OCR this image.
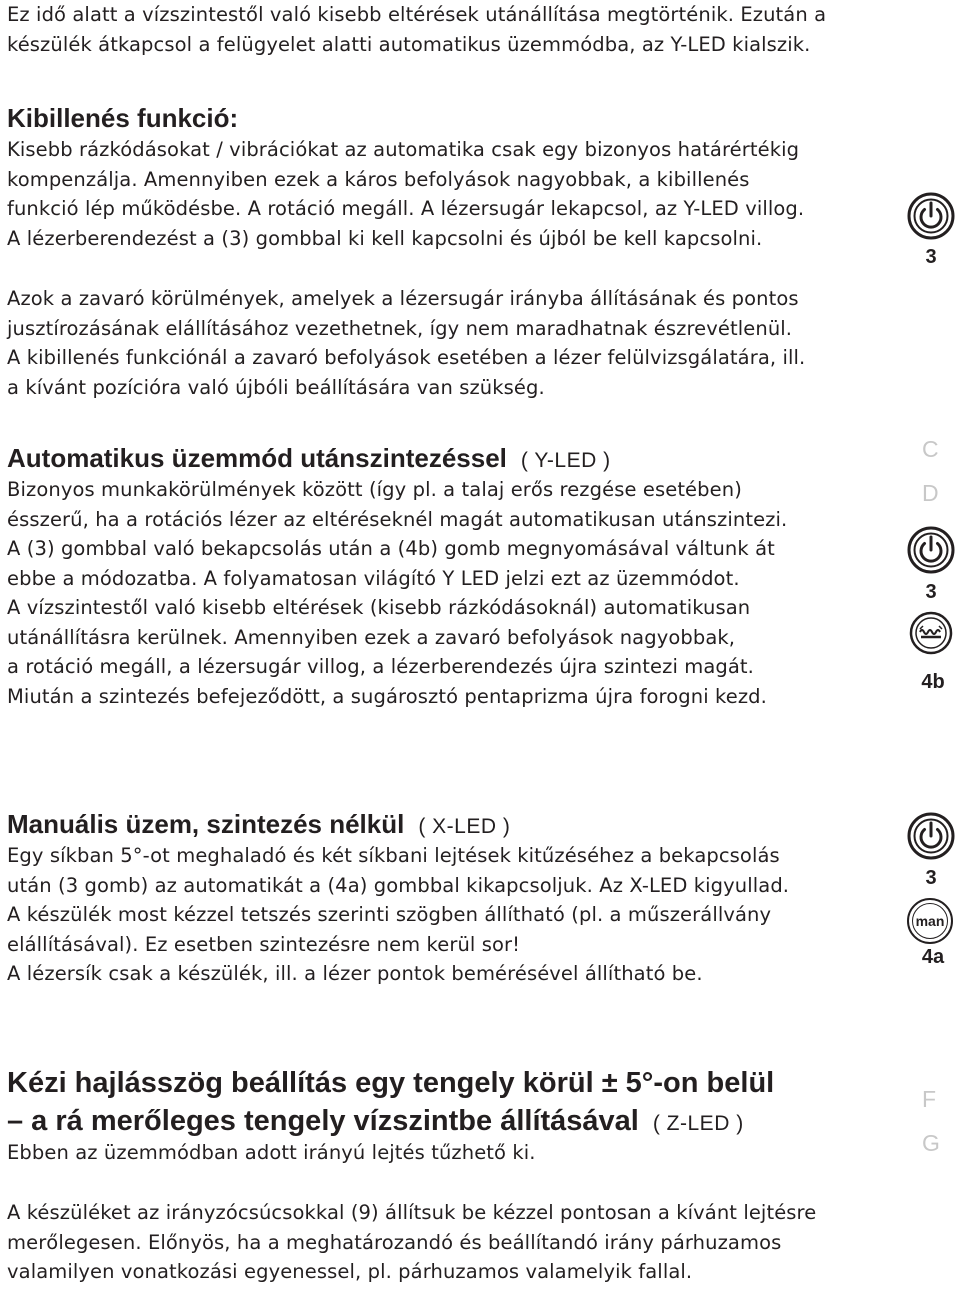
Ez idő alatt a vízszintestől való kisebb eltérések utánállítása megtörténik. Ezután a
készülék átkapcsol a felügyelet alatti automatikus üzemmódba, az Y-LED kialszik.
Kibillenés funkció:
Kisebb rázkódásokat / vibrációkat az automatika csak egy bizonyos határértékig
kompenzálja. Amennyiben ezek a káros befolyások nagyobbak, a kibillenés
funkció lép működésbe. A rotáció megáll. A lézersugár lekapcsol, az Y-LED villog.
A lézerberendezést a (3) gombbal ki kell kapcsolni és újból be kell kapcsolni.
Azok a zavaró körülmények, amelyek a lézersugár irányba állításának és pontos
jusztírozásának elállításához vezethetnek, így nem maradhatnak észrevétlenül.
A kibillenés funkciónál a zavaró befolyások esetében a lézer felülvizsgálatára, ill.
a kívánt pozícióra való újbóli beállítására van szükség.
3
Automatikus üzemmód utánszintezéssel ( Y-LED )
Bizonyos munkakörülmények között (így pl. a talaj erős rezgése esetében)
ésszerű, ha a rotációs lézer az eltéréseknél magát automatikusan utánszintezi.
A (3) gombbal való bekapcsolás után a (4b) gomb megnyomásával váltunk át
ebbe a módozatba. A folyamatosan világító Y LED jelzi ezt az üzemmódot.
A vízszintestől való kisebb eltérések (kisebb rázkódásoknál) automatikusan
utánállításra kerülnek. Amennyiben ezek a zavaró befolyások nagyobbak,
a rotáció megáll, a lézersugár villog, a lézerberendezés újra szintezi magát.
Miután a szintezés befejeződött, a sugárosztó pentaprizma újra forogni kezd.
C
D
3
4b
Manuális üzem, szintezés nélkül ( X-LED )
Egy síkban 5°-ot meghaladó és két síkbani lejtések kitűzéséhez a bekapcsolás
után (3 gomb) az automatikát a (4a) gombbal kikapcsoljuk. Az X-LED kigyullad.
A készülék most kézzel tetszés szerinti szögben állítható (pl. a műszerállvány
elállításával). Ez esetben szintezésre nem kerül sor!
A lézersík csak a készülék, ill. a lézer pontok bemérésével állítható be.
3
man
4a
Kézi hajlásszög beállítás egy tengely körül ± 5°-on belül
– a rá merőleges tengely vízszintbe állításával ( Z-LED )
Ebben az üzemmódban adott irányú lejtés tűzhető ki.
A készüléket az irányzócsúcsokkal (9) állítsuk be kézzel pontosan a kívánt lejtésre
merőlegesen. Előnyös, ha a meghatározandó és beállítandó irány párhuzamos
valamilyen vonatkozási egyenessel, pl. párhuzamos valamelyik fallal.
F
G
